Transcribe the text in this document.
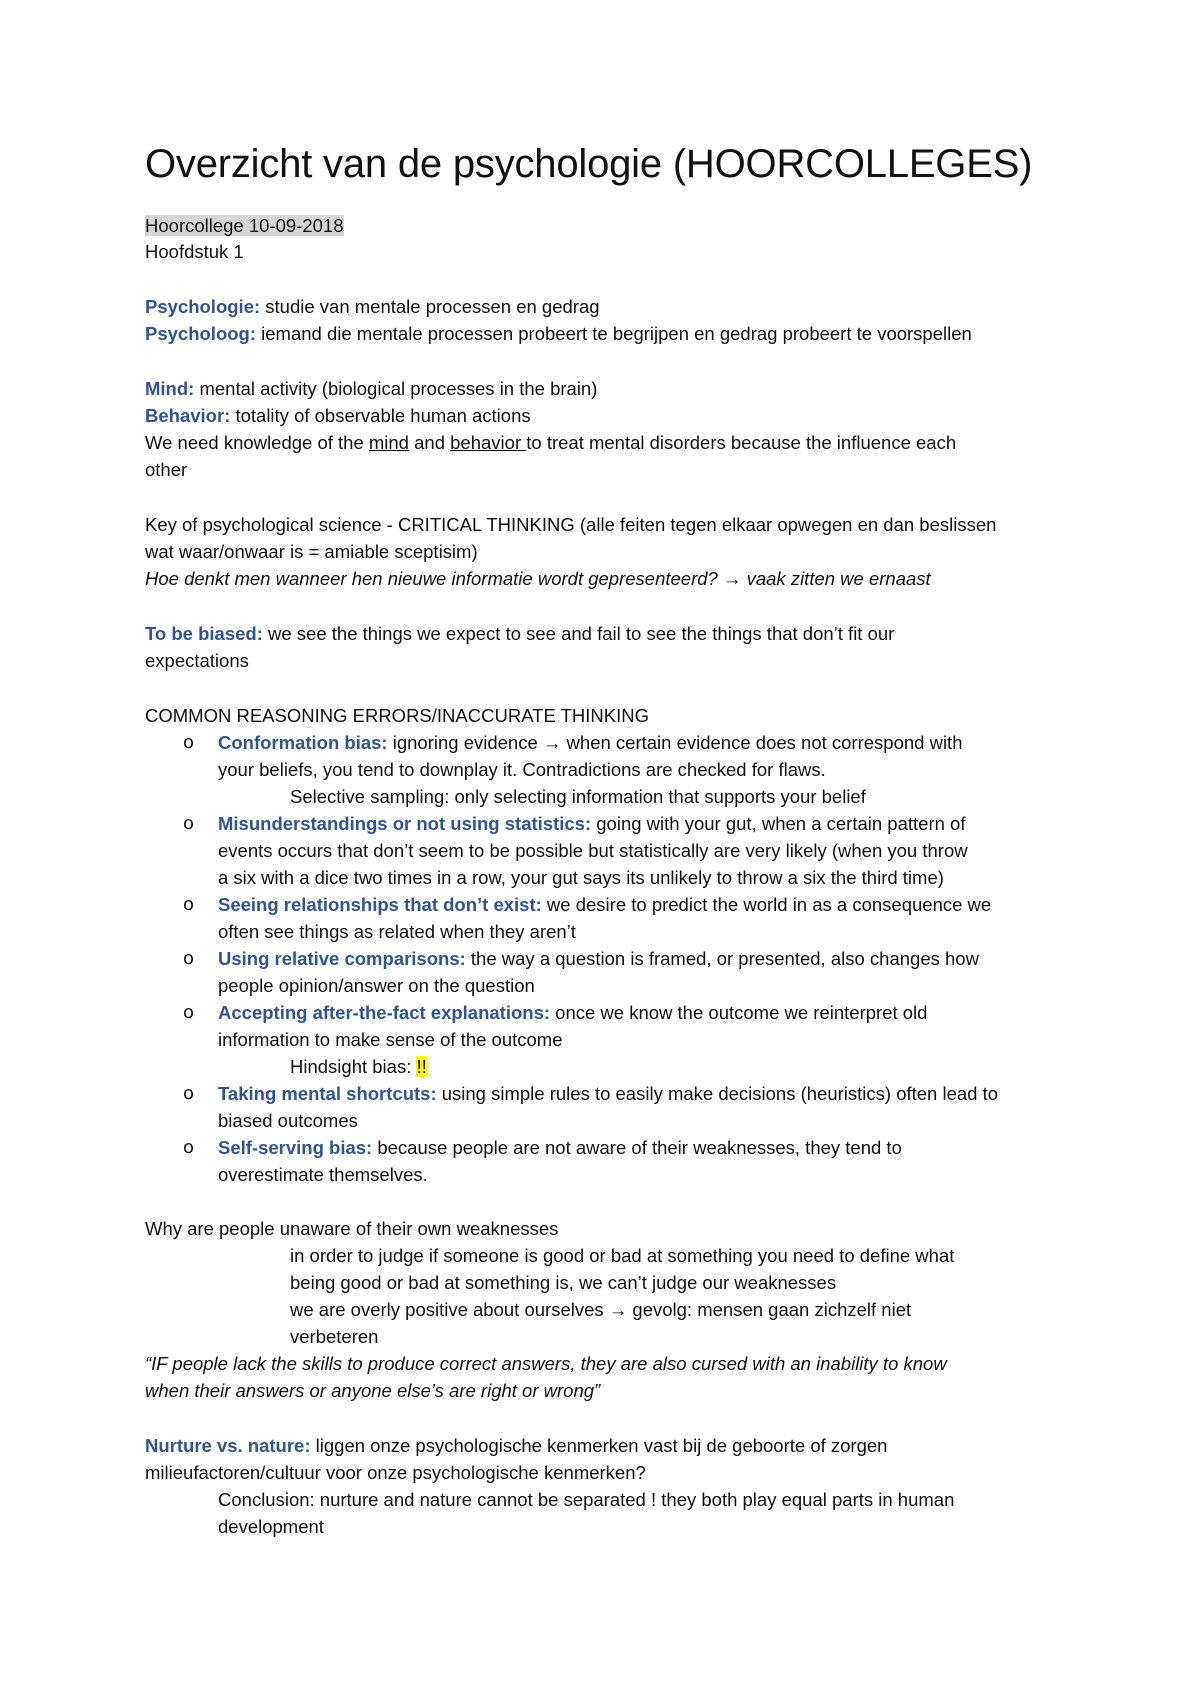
Overzicht van de psychologie (HOORCOLLEGES)
Hoorcollege 10-09-2018
Hoofdstuk 1
Psychologie: studie van mentale processen en gedrag
Psycholoog: iemand die mentale processen probeert te begrijpen en gedrag probeert te voorspellen
Mind: mental activity (biological processes in the brain)
Behavior: totality of observable human actions
We need knowledge of the mind and behavior to treat mental disorders because the influence each
other
Key of psychological science - CRITICAL THINKING (alle feiten tegen elkaar opwegen en dan beslissen
wat waar/onwaar is = amiable sceptisim)
Hoe denkt men wanneer hen nieuwe informatie wordt gepresenteerd? → vaak zitten we ernaast
To be biased: we see the things we expect to see and fail to see the things that don’t fit our
expectations
COMMON REASONING ERRORS/INACCURATE THINKING
o Conformation bias: ignoring evidence → when certain evidence does not correspond with
your beliefs, you tend to downplay it. Contradictions are checked for flaws.
Selective sampling: only selecting information that supports your belief
o Misunderstandings or not using statistics: going with your gut, when a certain pattern of
events occurs that don’t seem to be possible but statistically are very likely (when you throw
a six with a dice two times in a row, your gut says its unlikely to throw a six the third time)
o Seeing relationships that don’t exist: we desire to predict the world in as a consequence we
often see things as related when they aren’t
o Using relative comparisons: the way a question is framed, or presented, also changes how
people opinion/answer on the question
o Accepting after-the-fact explanations: once we know the outcome we reinterpret old
information to make sense of the outcome
Hindsight bias: !!
o Taking mental shortcuts: using simple rules to easily make decisions (heuristics) often lead to
biased outcomes
o Self-serving bias: because people are not aware of their weaknesses, they tend to
overestimate themselves.
Why are people unaware of their own weaknesses
in order to judge if someone is good or bad at something you need to define what
being good or bad at something is, we can’t judge our weaknesses
we are overly positive about ourselves → gevolg: mensen gaan zichzelf niet
verbeteren
“IF people lack the skills to produce correct answers, they are also cursed with an inability to know
when their answers or anyone else’s are right or wrong”
Nurture vs. nature: liggen onze psychologische kenmerken vast bij de geboorte of zorgen
milieufactoren/cultuur voor onze psychologische kenmerken?
Conclusion: nurture and nature cannot be separated ! they both play equal parts in human
development
